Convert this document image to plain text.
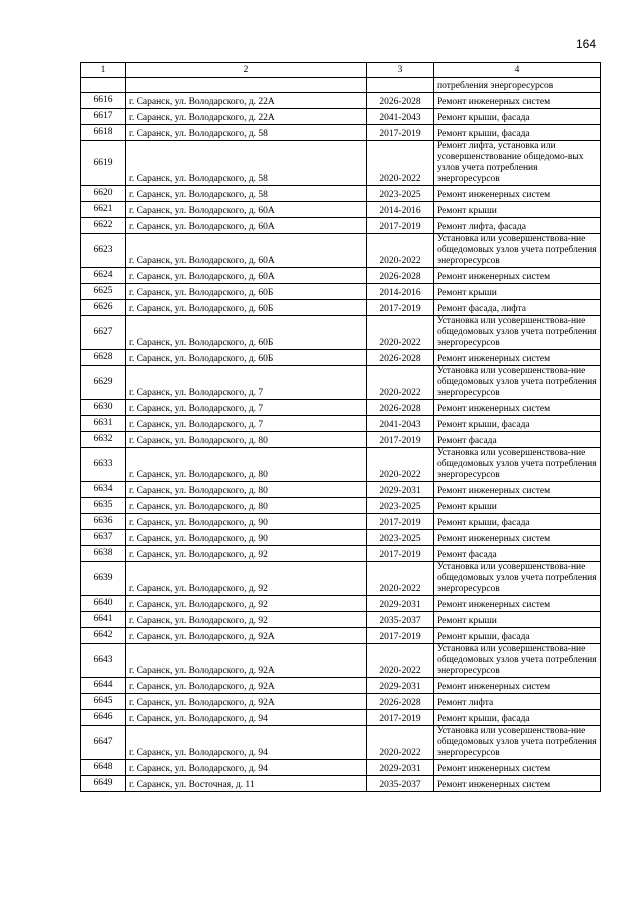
164
1	2	3	4
			потребления энергоресурсов
6616	г. Саранск, ул. Володарского, д. 22А	2026-2028	Ремонт инженерных систем
6617	г. Саранск, ул. Володарского, д. 22А	2041-2043	Ремонт крыши, фасада
6618	г. Саранск, ул. Володарского, д. 58	2017-2019	Ремонт крыши, фасада
6619	г. Саранск, ул. Володарского, д. 58	2020-2022	Ремонт лифта, установка или усовершенствование общедомо-вых узлов учета потребления энергоресурсов
6620	г. Саранск, ул. Володарского, д. 58	2023-2025	Ремонт инженерных систем
6621	г. Саранск, ул. Володарского, д. 60А	2014-2016	Ремонт крыши
6622	г. Саранск, ул. Володарского, д. 60А	2017-2019	Ремонт лифта, фасада
6623	г. Саранск, ул. Володарского, д. 60А	2020-2022	Установка или усовершенствова-ние общедомовых узлов учета потребления энергоресурсов
6624	г. Саранск, ул. Володарского, д. 60А	2026-2028	Ремонт инженерных систем
6625	г. Саранск, ул. Володарского, д. 60Б	2014-2016	Ремонт крыши
6626	г. Саранск, ул. Володарского, д. 60Б	2017-2019	Ремонт фасада, лифта
6627	г. Саранск, ул. Володарского, д. 60Б	2020-2022	Установка или усовершенствова-ние общедомовых узлов учета потребления энергоресурсов
6628	г. Саранск, ул. Володарского, д. 60Б	2026-2028	Ремонт инженерных систем
6629	г. Саранск, ул. Володарского, д. 7	2020-2022	Установка или усовершенствова-ние общедомовых узлов учета потребления энергоресурсов
6630	г. Саранск, ул. Володарского, д. 7	2026-2028	Ремонт инженерных систем
6631	г. Саранск, ул. Володарского, д. 7	2041-2043	Ремонт крыши, фасада
6632	г. Саранск, ул. Володарского, д. 80	2017-2019	Ремонт фасада
6633	г. Саранск, ул. Володарского, д. 80	2020-2022	Установка или усовершенствова-ние общедомовых узлов учета потребления энергоресурсов
6634	г. Саранск, ул. Володарского, д. 80	2029-2031	Ремонт инженерных систем
6635	г. Саранск, ул. Володарского, д. 80	2023-2025	Ремонт крыши
6636	г. Саранск, ул. Володарского, д. 90	2017-2019	Ремонт крыши, фасада
6637	г. Саранск, ул. Володарского, д. 90	2023-2025	Ремонт инженерных систем
6638	г. Саранск, ул. Володарского, д. 92	2017-2019	Ремонт фасада
6639	г. Саранск, ул. Володарского, д. 92	2020-2022	Установка или усовершенствова-ние общедомовых узлов учета потребления энергоресурсов
6640	г. Саранск, ул. Володарского, д. 92	2029-2031	Ремонт инженерных систем
6641	г. Саранск, ул. Володарского, д. 92	2035-2037	Ремонт крыши
6642	г. Саранск, ул. Володарского, д. 92А	2017-2019	Ремонт крыши, фасада
6643	г. Саранск, ул. Володарского, д. 92А	2020-2022	Установка или усовершенствова-ние общедомовых узлов учета потребления энергоресурсов
6644	г. Саранск, ул. Володарского, д. 92А	2029-2031	Ремонт инженерных систем
6645	г. Саранск, ул. Володарского, д. 92А	2026-2028	Ремонт лифта
6646	г. Саранск, ул. Володарского, д. 94	2017-2019	Ремонт крыши, фасада
6647	г. Саранск, ул. Володарского, д. 94	2020-2022	Установка или усовершенствова-ние общедомовых узлов учета потребления энергоресурсов
6648	г. Саранск, ул. Володарского, д. 94	2029-2031	Ремонт инженерных систем
6649	г. Саранск, ул. Восточная, д. 11	2035-2037	Ремонт инженерных систем
